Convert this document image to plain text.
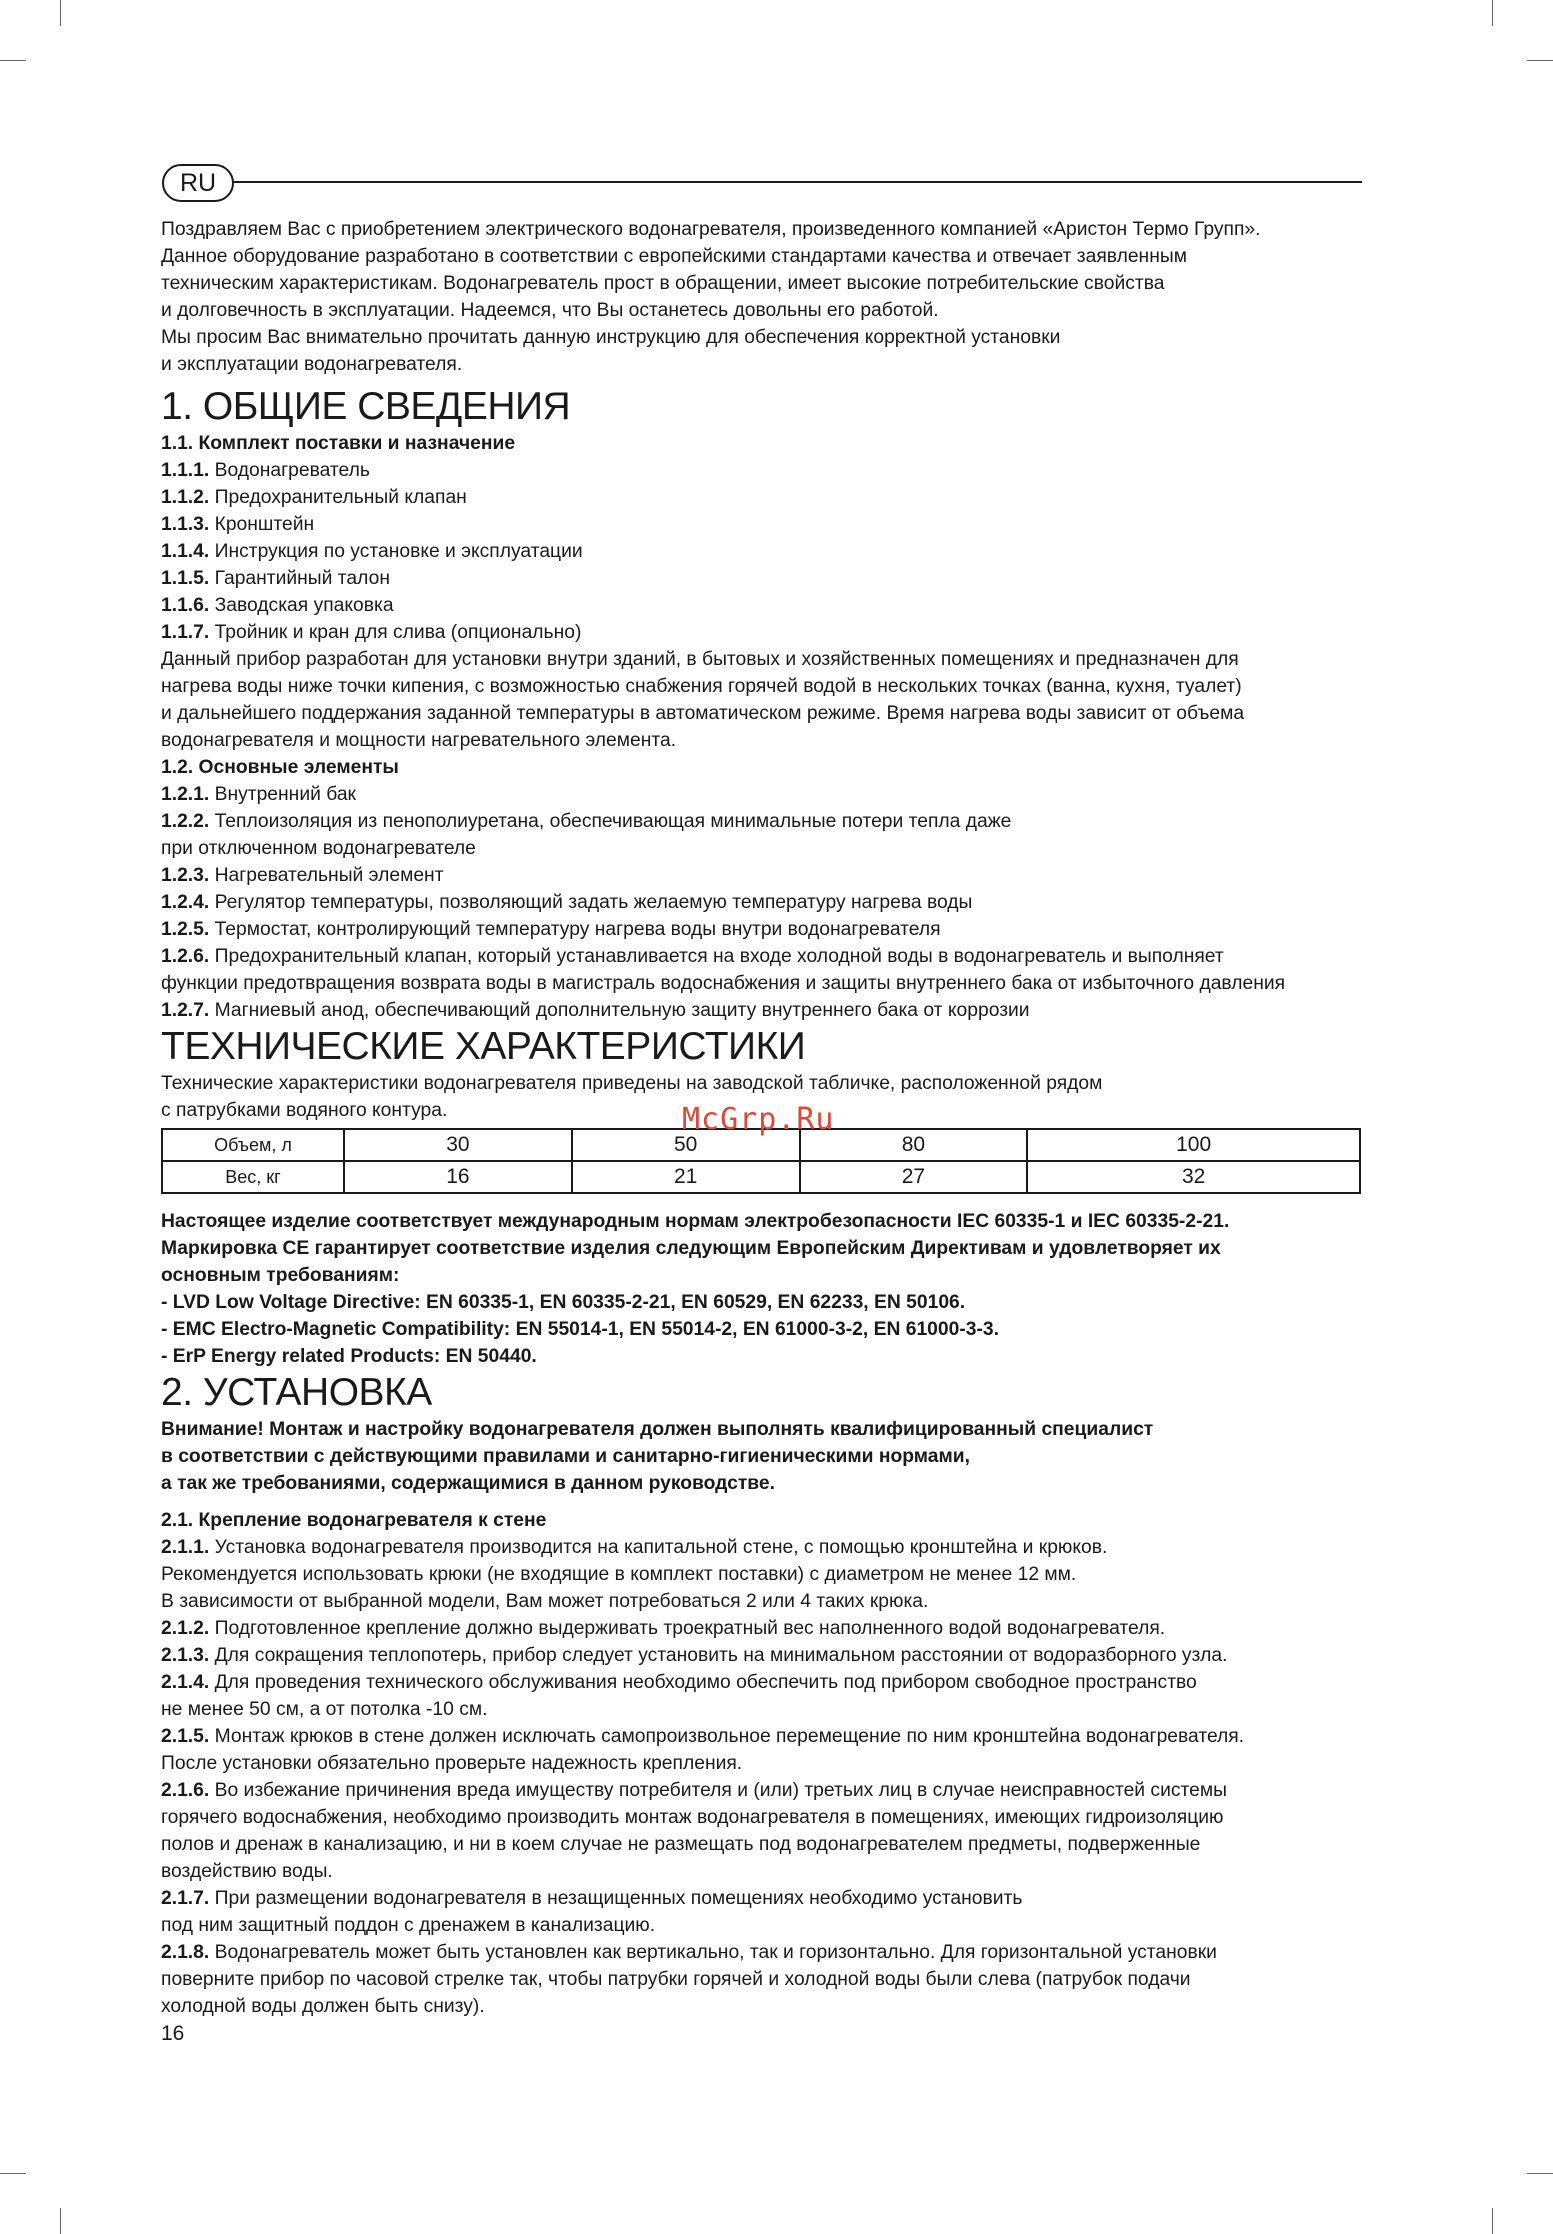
RU

Поздравляем Вас с приобретением электрического водонагревателя, произведенного компанией «Аристон Термо Групп».

Данное оборудование разработано в соответствии с европейскими стандартами качества и отвечает заявленным

техническим характеристикам. Водонагреватель прост в обращении, имеет высокие потребительские свойства

и долговечность в эксплуатации. Надеемся, что Вы останетесь довольны его работой.

Мы просим Вас внимательно прочитать данную инструкцию для обеспечения корректной установки

и эксплуатации водонагревателя.

1. ОБЩИЕ СВЕДЕНИЯ

1.1. Комплект поставки и назначение

1.1.1. Водонагреватель

1.1.2. Предохранительный клапан

1.1.3. Кронштейн

1.1.4. Инструкция по установке и эксплуатации

1.1.5. Гарантийный талон

1.1.6. Заводская упаковка

1.1.7. Тройник и кран для слива (опционально)

Данный прибор разработан для установки внутри зданий, в бытовых и хозяйственных помещениях и предназначен для

нагрева воды ниже точки кипения, с возможностью снабжения горячей водой в нескольких точках (ванна, кухня, туалет)

и дальнейшего поддержания заданной температуры в автоматическом режиме. Время нагрева воды зависит от объема

водонагревателя и мощности нагревательного элемента.

1.2. Основные элементы

1.2.1. Внутренний бак

1.2.2. Теплоизоляция из пенополиуретана, обеспечивающая минимальные потери тепла даже

при отключенном водонагревателе

1.2.3. Нагревательный элемент

1.2.4. Регулятор температуры, позволяющий задать желаемую температуру нагрева воды

1.2.5. Термостат, контролирующий температуру нагрева воды внутри водонагревателя

1.2.6. Предохранительный клапан, который устанавливается на входе холодной воды в водонагреватель и выполняет

функции предотвращения возврата воды в магистраль водоснабжения и защиты внутреннего бака от избыточного давления

1.2.7. Магниевый анод, обеспечивающий дополнительную защиту внутреннего бака от коррозии

ТЕХНИЧЕСКИЕ ХАРАКТЕРИСТИКИ

Технические характеристики водонагревателя приведены на заводской табличке, расположенной рядом

с патрубками водяного контура.

Объем, л	30	50	80	100
Вес, кг	16	21	27	32

Настоящее изделие соответствует международным нормам электробезопасности IEC 60335-1 и IEC 60335-2-21.

Маркировка CE гарантирует соответствие изделия следующим Европейским Директивам и удовлетворяет их

основным требованиям:

- LVD Low Voltage Directive: EN 60335-1, EN 60335-2-21, EN 60529, EN 62233, EN 50106.

- EMC Electro-Magnetic Compatibility: EN 55014-1, EN 55014-2, EN 61000-3-2, EN 61000-3-3.

- ErP Energy related Products: EN 50440.

2. УСТАНОВКА

Внимание! Монтаж и настройку водонагревателя должен выполнять квалифицированный специалист

в соответствии с действующими правилами и санитарно-гигиеническими нормами,

а так же требованиями, содержащимися в данном руководстве.

2.1. Крепление водонагревателя к стене

2.1.1. Установка водонагревателя производится на капитальной стене, с помощью кронштейна и крюков.

Рекомендуется использовать крюки (не входящие в комплект поставки) с диаметром не менее 12 мм.

В зависимости от выбранной модели, Вам может потребоваться 2 или 4 таких крюка.

2.1.2. Подготовленное крепление должно выдерживать троекратный вес наполненного водой водонагревателя.

2.1.3. Для сокращения теплопотерь, прибор следует установить на минимальном расстоянии от водоразборного узла.

2.1.4. Для проведения технического обслуживания необходимо обеспечить под прибором свободное пространство

не менее 50 см, а от потолка -10 см.

2.1.5. Монтаж крюков в стене должен исключать самопроизвольное перемещение по ним кронштейна водонагревателя.

После установки обязательно проверьте надежность крепления.

2.1.6. Во избежание причинения вреда имуществу потребителя и (или) третьих лиц в случае неисправностей системы

горячего водоснабжения, необходимо производить монтаж водонагревателя в помещениях, имеющих гидроизоляцию

полов и дренаж в канализацию, и ни в коем случае не размещать под водонагревателем предметы, подверженные

воздействию воды.

2.1.7. При размещении водонагревателя в незащищенных помещениях необходимо установить

под ним защитный поддон с дренажем в канализацию.

2.1.8. Водонагреватель может быть установлен как вертикально, так и горизонтально. Для горизонтальной установки

поверните прибор по часовой стрелке так, чтобы патрубки горячей и холодной воды были слева (патрубок подачи

холодной воды должен быть снизу).

McGrp.Ru
16
